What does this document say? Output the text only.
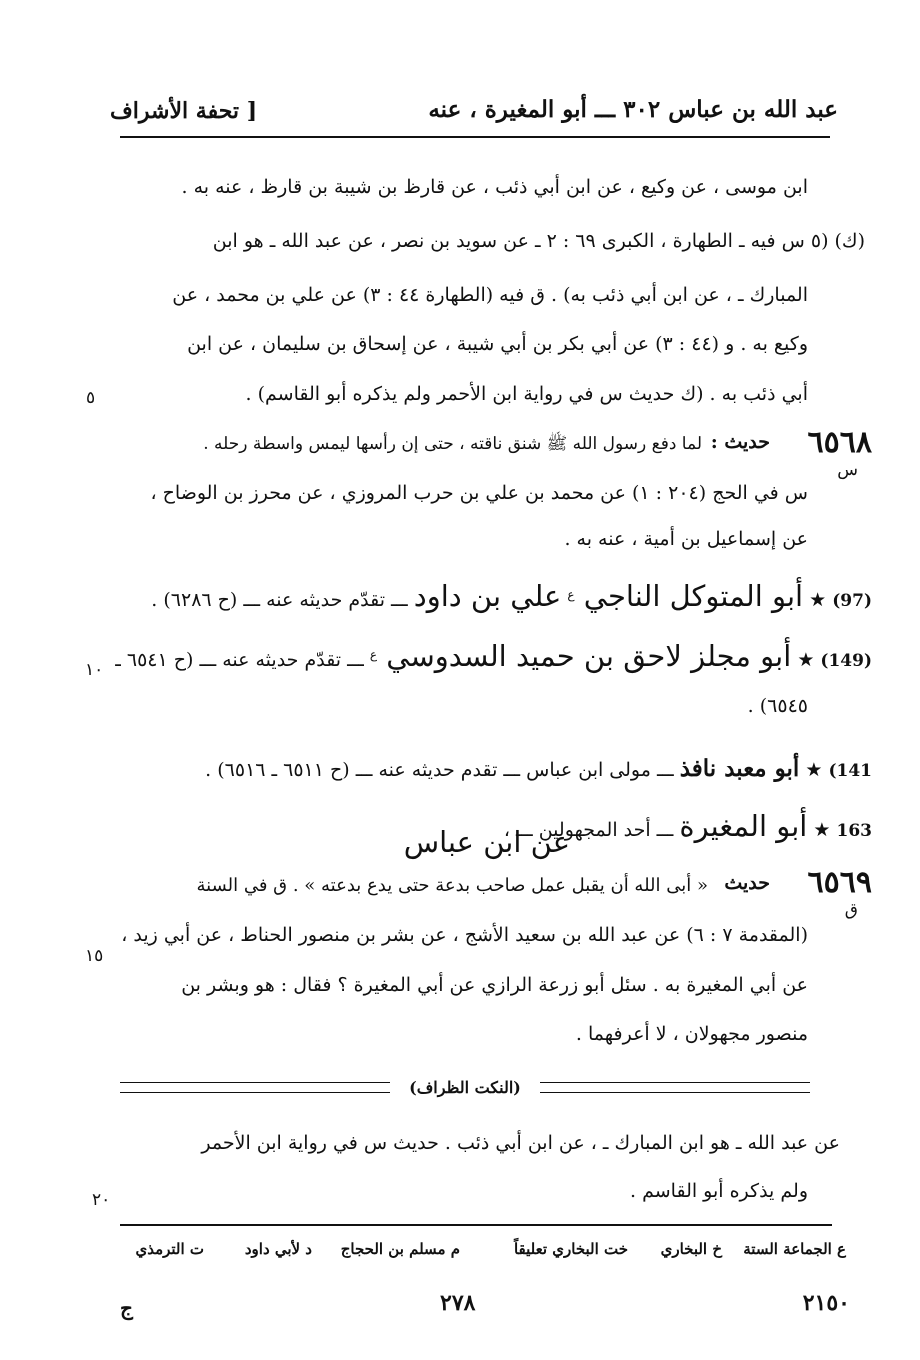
عبد الله بن عباس ٣٠٢ ـــ أبو المغيرة ، عنه
[ تحفة الأشراف
ابن موسى ، عن وكيع ، عن ابن أبي ذئب ، عن قارظ بن شيبة بن قارظ ، عنه به .
(ك) (٥ س فيه ـ الطهارة ، الكبرى ٦٩ : ٢ ـ عن سويد بن نصر ، عن عبد الله ـ هو ابن
المبارك ـ ، عن ابن أبي ذئب به) . ق فيه (الطهارة ٤٤ : ٣) عن علي بن محمد ، عن
وكيع به . و (٤٤ : ٣) عن أبي بكر بن أبي شيبة ، عن إسحاق بن سليمان ، عن ابن
أبي ذئب به . (ك حديث س في رواية ابن الأحمر ولم يذكره أبو القاسم) .
٥
٦٥٦٨
س
حديث :
لما دفع رسول الله ﷺ شنق ناقته ، حتى إن رأسها ليمس واسطة رحله .
س في الحج (٢٠٤ : ١) عن محمد بن علي بن حرب المروزي ، عن محرز بن الوضاح ،
عن إسماعيل بن أمية ، عنه به .
(97) ★ أبو المتوكل الناجي $^ع$ علي بن داود ـــ تقدّم حديثه عنه ـــ (ح ٦٢٨٦) .
(149) ★ أبو مجلز لاحق بن حميد السدوسي $^ع$ ـــ تقدّم حديثه عنه ـــ (ح ٦٥٤١ ـ
١٠
٦٥٤٥) .
141) ★ أبو معبد نافذ ـــ مولى ابن عباس ـــ تقدم حديثه عنه ـــ (ح ٦٥١١ ـ ٦٥١٦) .
163 ★ أبو المغيرة ـــ أحد المجهولين ـــ ،
عن ابن عباس
٦٥٦٩
ق
حديث
« أبى الله أن يقبل عمل صاحب بدعة حتى يدع بدعته » . ق في السنة
(المقدمة ٧ : ٦) عن عبد الله بن سعيد الأشج ، عن بشر بن منصور الحناط ، عن أبي زيد ،
١٥
عن أبي المغيرة به . سئل أبو زرعة الرازي عن أبي المغيرة ؟ فقال : هو وبشر بن
منصور مجهولان ، لا أعرفهما .
(النكت الظراف)
عن عبد الله ـ هو ابن المبارك ـ ، عن ابن أبي ذئب . حديث س في رواية ابن الأحمر
ولم يذكره أبو القاسم .
٢٠
ع الجماعة الستة
خ البخاري
خت البخاري تعليقاً
م مسلم بن الحجاج
د لأبي داود
ت الترمذي
ج	٢٧٨	٢١٥٠
